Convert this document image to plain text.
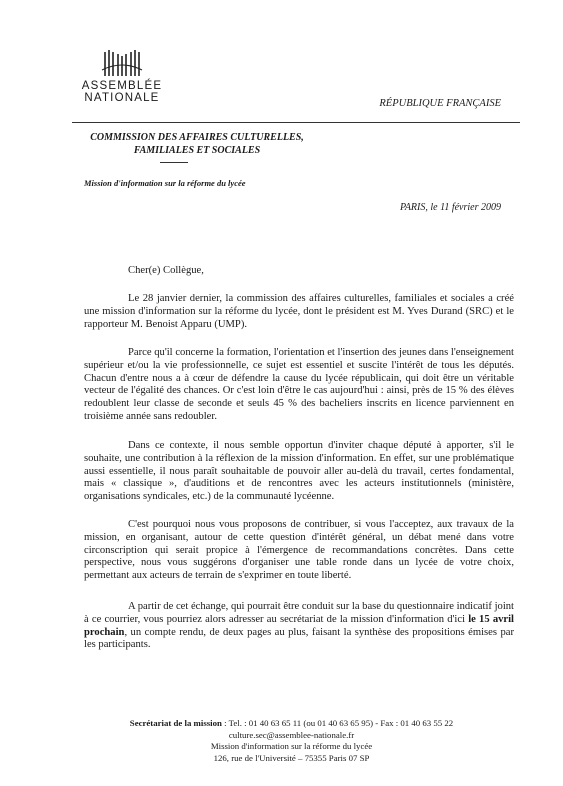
ASSEMBLÉE
NATIONALE	RÉPUBLIQUE FRANÇAISE
COMMISSION DES AFFAIRES CULTURELLES, FAMILIALES ET SOCIALES
Mission d'information sur la réforme du lycée
PARIS, le 11 février 2009
Cher(e) Collègue,
Le 28 janvier dernier, la commission des affaires culturelles, familiales et sociales a créé une mission d'information sur la réforme du lycée, dont le président est M. Yves Durand (SRC) et le rapporteur M. Benoist Apparu (UMP).
Parce qu'il concerne la formation, l'orientation et l'insertion des jeunes dans l'enseignement supérieur et/ou la vie professionnelle, ce sujet est essentiel et suscite l'intérêt de tous les députés. Chacun d'entre nous a à cœur de défendre la cause du lycée républicain, qui doit être un véritable vecteur de l'égalité des chances. Or c'est loin d'être le cas aujourd'hui : ainsi, près de 15 % des élèves redoublent leur classe de seconde et seuls 45 % des bacheliers inscrits en licence parviennent en troisième année sans redoubler.
Dans ce contexte, il nous semble opportun d'inviter chaque député à apporter, s'il le souhaite, une contribution à la réflexion de la mission d'information. En effet, sur une problématique aussi essentielle, il nous paraît souhaitable de pouvoir aller au-delà du travail, certes fondamental, mais « classique », d'auditions et de rencontres avec les acteurs institutionnels (ministère, organisations syndicales, etc.) de la communauté lycéenne.
C'est pourquoi nous vous proposons de contribuer, si vous l'acceptez, aux travaux de la mission, en organisant, autour de cette question d'intérêt général, un débat mené dans votre circonscription qui serait propice à l'émergence de recommandations concrètes. Dans cette perspective, nous vous suggérons d'organiser une table ronde dans un lycée de votre choix, permettant aux acteurs de terrain de s'exprimer en toute liberté.
A partir de cet échange, qui pourrait être conduit sur la base du questionnaire indicatif joint à ce courrier, vous pourriez alors adresser au secrétariat de la mission d'information d'ici le 15 avril prochain, un compte rendu, de deux pages au plus, faisant la synthèse des propositions émises par les participants.
Secrétariat de la mission : Tel. : 01 40 63 65 11 (ou 01 40 63 65 95) - Fax : 01 40 63 55 22
culture.sec@assemblee-nationale.fr
Mission d'information sur la réforme du lycée
126, rue de l'Université – 75355 Paris 07 SP
